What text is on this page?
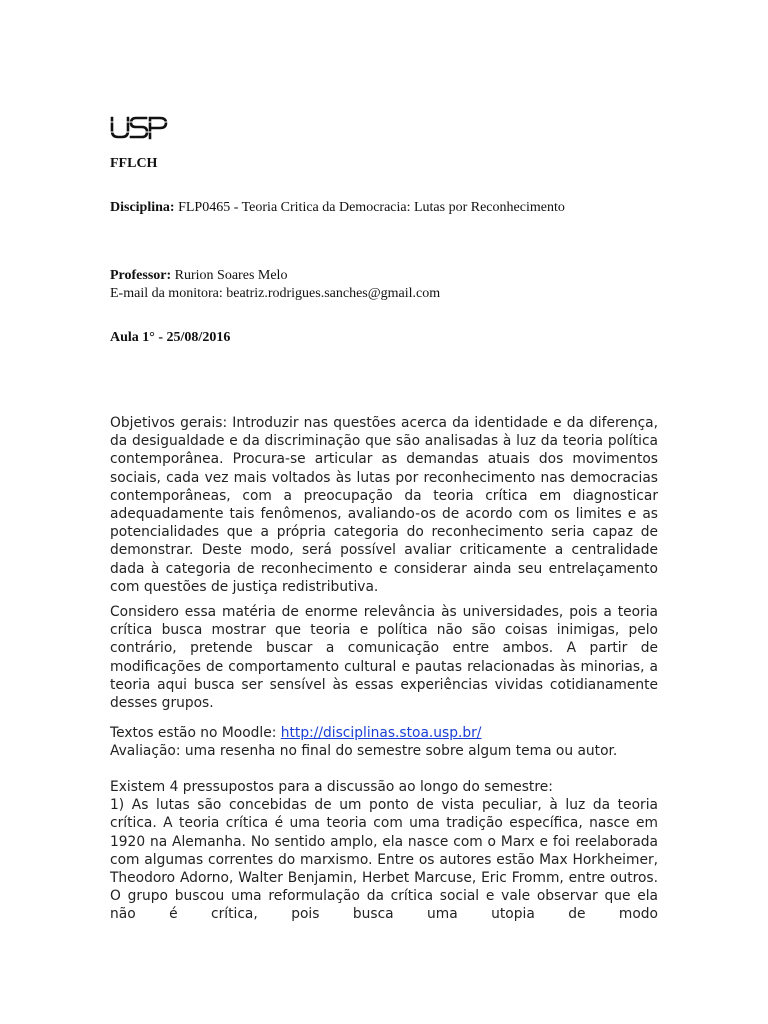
USP
FFLCH
Disciplina: FLP0465 - Teoria Critica da Democracia: Lutas por Reconhecimento
Professor: Rurion Soares Melo
E-mail da monitora: beatriz.rodrigues.sanches@gmail.com
Aula 1° - 25/08/2016

Objetivos gerais: Introduzir nas questões acerca da identidade e da diferença, da desigualdade e da discriminação que são analisadas à luz da teoria política contemporânea. Procura-se articular as demandas atuais dos movimentos sociais, cada vez mais voltados às lutas por reconhecimento nas democracias contemporâneas, com a preocupação da teoria crítica em diagnosticar adequadamente tais fenômenos, avaliando-os de acordo com os limites e as potencialidades que a própria categoria do reconhecimento seria capaz de demonstrar. Deste modo, será possível avaliar criticamente a centralidade dada à categoria de reconhecimento e considerar ainda seu entrelaçamento com questões de justiça redistributiva.

Considero essa matéria de enorme relevância às universidades, pois a teoria crítica busca mostrar que teoria e política não são coisas inimigas, pelo contrário, pretende buscar a comunicação entre ambos. A partir de modificações de comportamento cultural e pautas relacionadas às minorias, a teoria aqui busca ser sensível às essas experiências vividas cotidianamente desses grupos.

Textos estão no Moodle: http://disciplinas.stoa.usp.br/
Avaliação: uma resenha no final do semestre sobre algum tema ou autor.
Existem 4 pressupostos para a discussão ao longo do semestre:
1) As lutas são concebidas de um ponto de vista peculiar, à luz da teoria crítica. A teoria crítica é uma teoria com uma tradição específica, nasce em 1920 na Alemanha. No sentido amplo, ela nasce com o Marx e foi reelaborada com algumas correntes do marxismo. Entre os autores estão Max Horkheimer, Theodoro Adorno, Walter Benjamin, Herbet Marcuse, Eric Fromm, entre outros. O grupo buscou uma reformulação da crítica social e vale observar que ela não é crítica, pois busca uma utopia de modo
